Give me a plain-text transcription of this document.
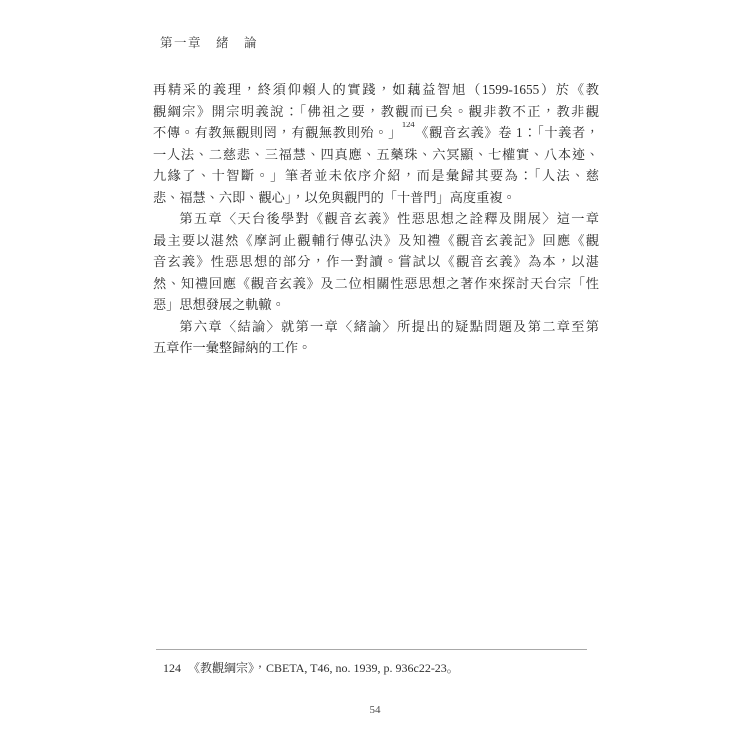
第一章　緒　論
再精采的義理，終須仰賴人的實踐，如藕益智旭（1599-1655）於《教
觀綱宗》開宗明義說：「佛祖之要，教觀而已矣。觀非教不正，教非觀
不傳。有教無觀則罔，有觀無教則殆。」$^{124}$《觀音玄義》卷 1：「十義者，
一人法、二慈悲、三福慧、四真應、五藥珠、六冥顯、七權實、八本迹、
九緣了、十智斷。」筆者並未依序介紹，而是彙歸其要為：「人法、慈
悲、福慧、六即、觀心」，以免與觀門的「十普門」高度重複。
第五章〈天台後學對《觀音玄義》性惡思想之詮釋及開展〉這一章
最主要以湛然《摩訶止觀輔行傳弘決》及知禮《觀音玄義記》回應《觀
音玄義》性惡思想的部分，作一對讀。嘗試以《觀音玄義》為本，以湛
然、知禮回應《觀音玄義》及二位相關性惡思想之著作來探討天台宗「性
惡」思想發展之軌轍。
第六章〈結論〉就第一章〈緒論〉所提出的疑點問題及第二章至第
五章作一彙整歸納的工作。
124 《教觀綱宗》，CBETA, T46, no. 1939, p. 936c22-23。
54
